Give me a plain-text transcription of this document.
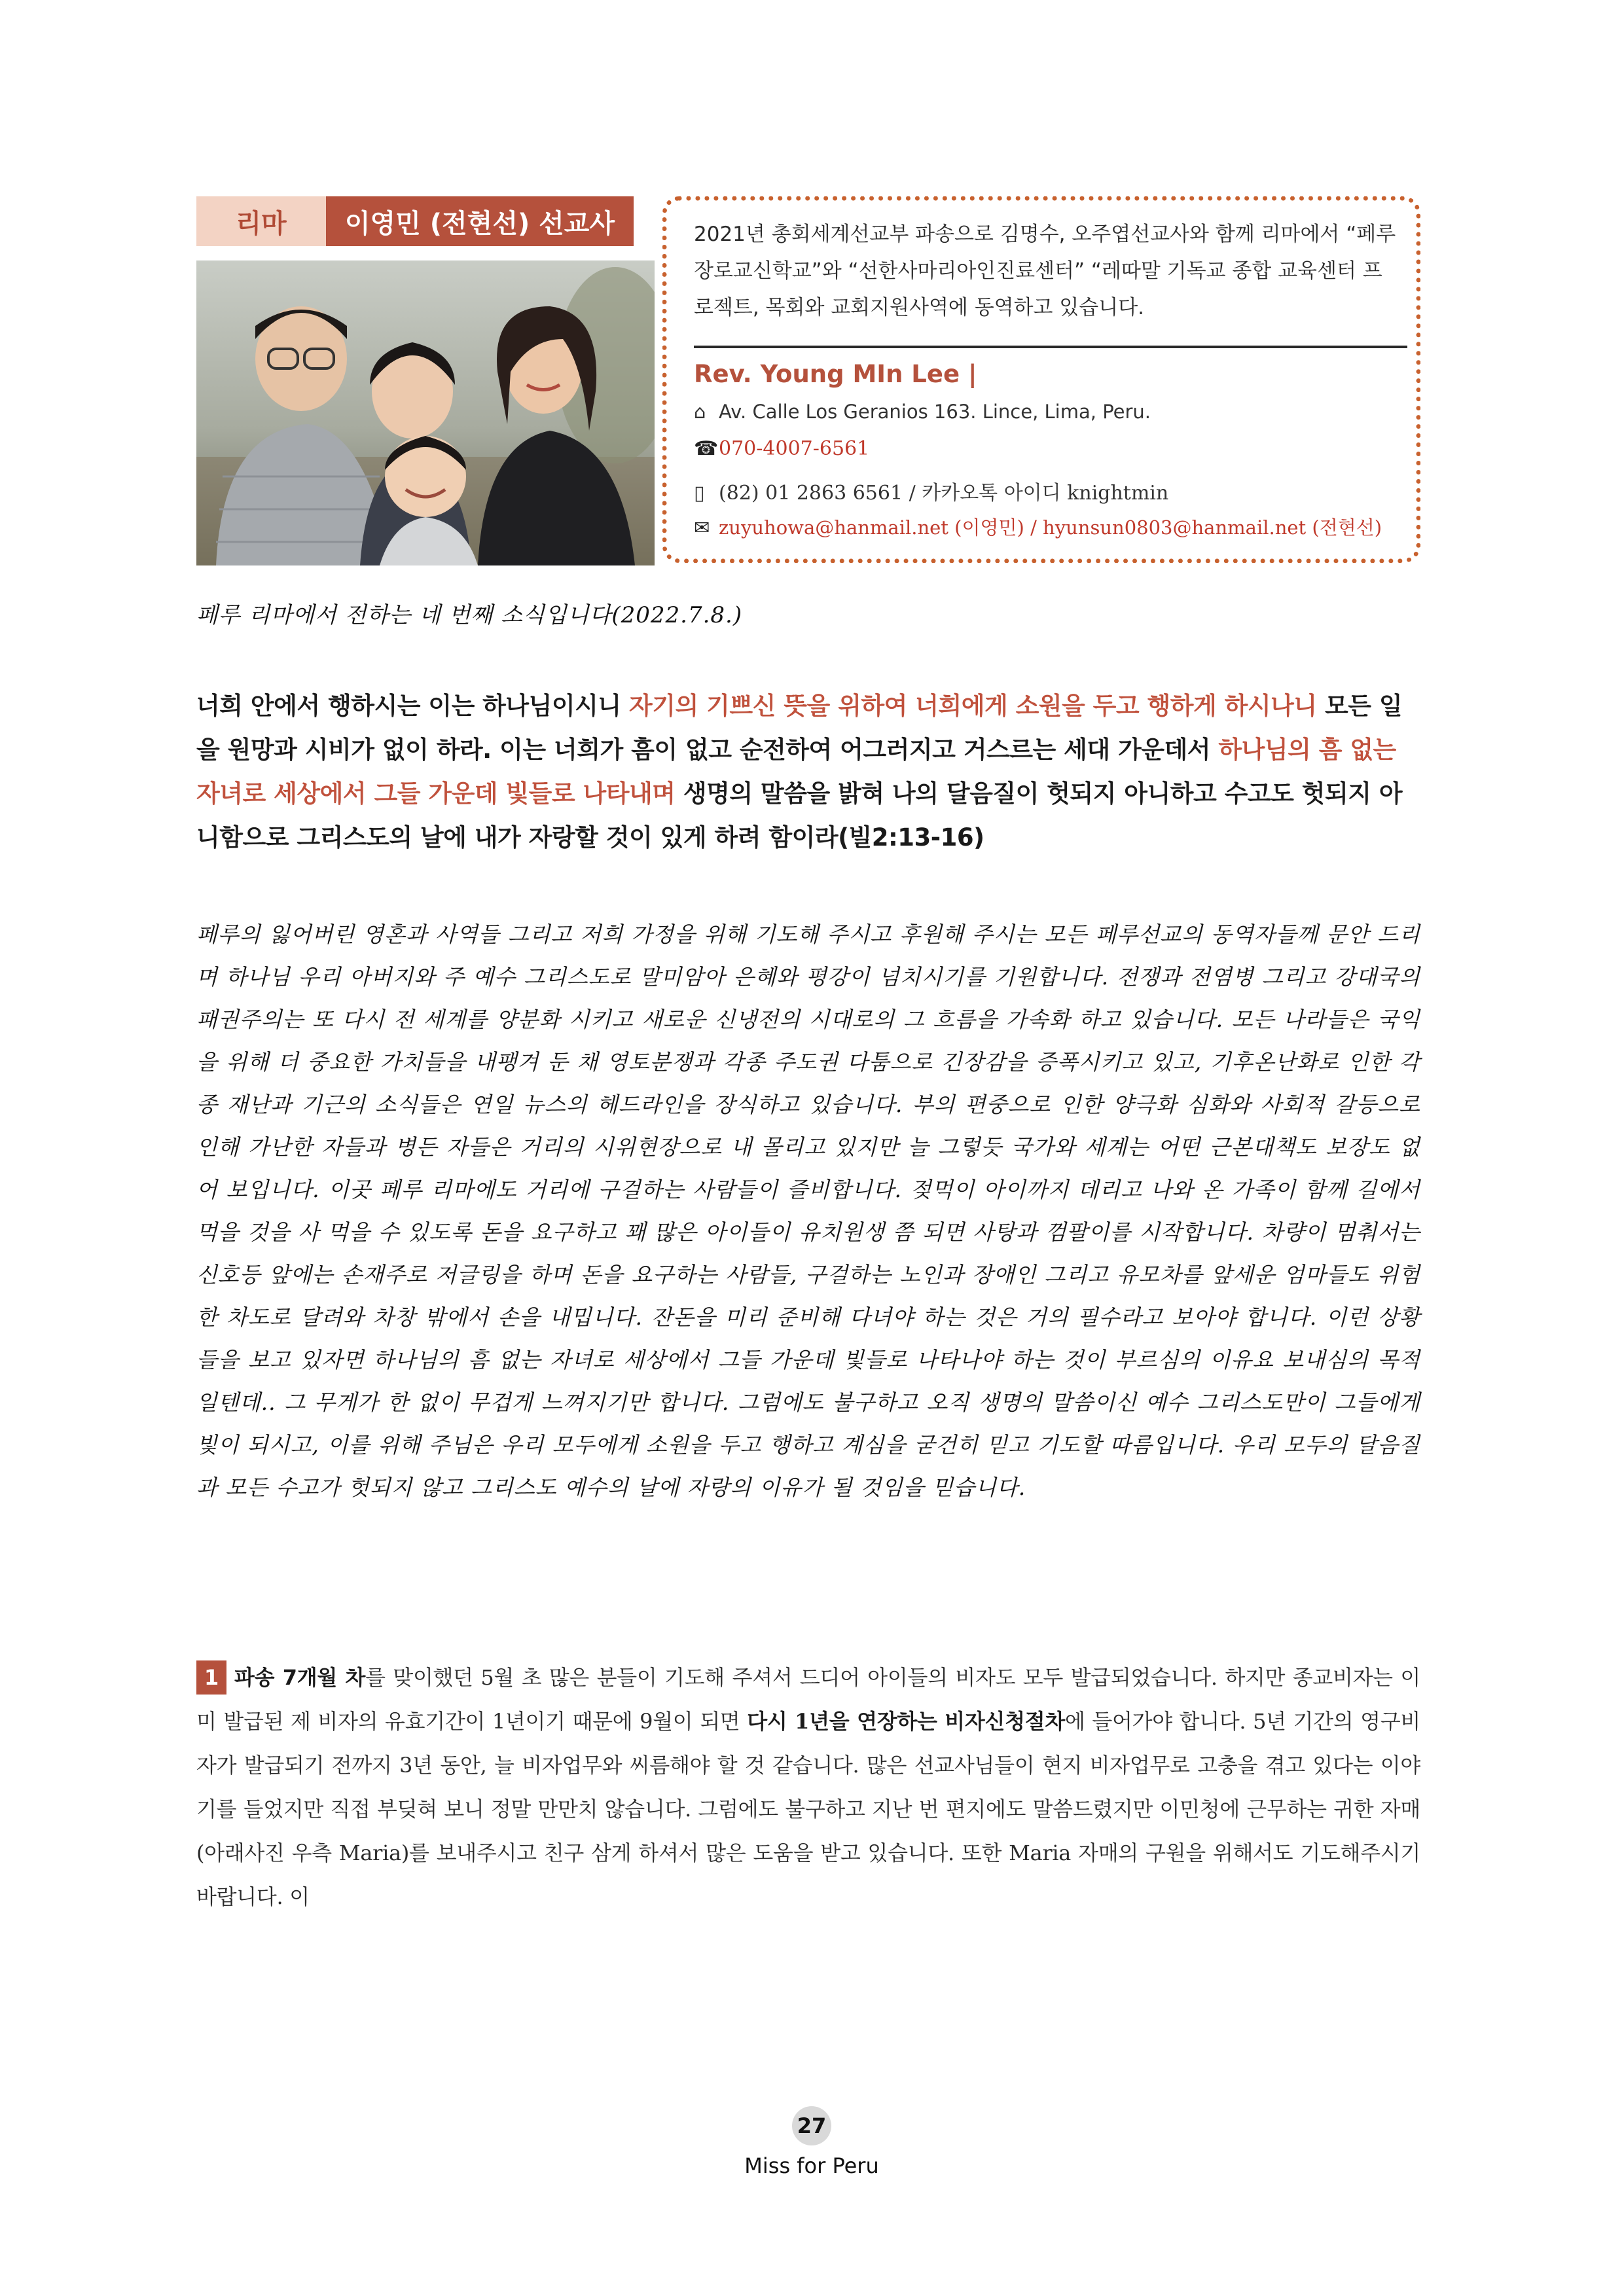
리마	이영민 (전현선) 선교사	2021년 총회세계선교부 파송으로 김명수, 오주엽선교사와 함께 리마에서 “페루장로교신학교”와 “선한사마리아인진료센터” “레따말 기독교 종합 교육센터 프로젝트, 목회와 교회지원사역에 동역하고 있습니다.
Rev. Young MIn Lee |
⌂ Av. Calle Los Geranios 163. Lince, Lima, Peru.
☎070-4007-6561
▯ (82) 01 2863 6561 / 카카오톡 아이디 knightmin
✉ zuyuhowa@hanmail.net (이영민) / hyunsun0803@hanmail.net (전현선)
페루 리마에서 전하는 네 번째 소식입니다(2022.7.8.)
너희 안에서 행하시는 이는 하나님이시니 자기의 기쁘신 뜻을 위하여 너희에게 소원을 두고 행하게 하시나니 모든 일을 원망과 시비가 없이 하라. 이는 너희가 흠이 없고 순전하여 어그러지고 거스르는 세대 가운데서 하나님의 흠 없는 자녀로 세상에서 그들 가운데 빛들로 나타내며 생명의 말씀을 밝혀 나의 달음질이 헛되지 아니하고 수고도 헛되지 아니함으로 그리스도의 날에 내가 자랑할 것이 있게 하려 함이라(빌2:13-16)
페루의 잃어버린 영혼과 사역들 그리고 저희 가정을 위해 기도해 주시고 후원해 주시는 모든 페루선교의 동역자들께 문안 드리며 하나님 우리 아버지와 주 예수 그리스도로 말미암아 은혜와 평강이 넘치시기를 기원합니다. 전쟁과 전염병 그리고 강대국의 패권주의는 또 다시 전 세계를 양분화 시키고 새로운 신냉전의 시대로의 그 흐름을 가속화 하고 있습니다. 모든 나라들은 국익을 위해 더 중요한 가치들을 내팽겨 둔 채 영토분쟁과 각종 주도권 다툼으로 긴장감을 증폭시키고 있고, 기후온난화로 인한 각종 재난과 기근의 소식들은 연일 뉴스의 헤드라인을 장식하고 있습니다. 부의 편중으로 인한 양극화 심화와 사회적 갈등으로 인해 가난한 자들과 병든 자들은 거리의 시위현장으로 내 몰리고 있지만 늘 그렇듯 국가와 세계는 어떤 근본대책도 보장도 없어 보입니다. 이곳 페루 리마에도 거리에 구걸하는 사람들이 즐비합니다. 젖먹이 아이까지 데리고 나와 온 가족이 함께 길에서 먹을 것을 사 먹을 수 있도록 돈을 요구하고 꽤 많은 아이들이 유치원생 쯤 되면 사탕과 껌팔이를 시작합니다. 차량이 멈춰서는 신호등 앞에는 손재주로 저글링을 하며 돈을 요구하는 사람들, 구걸하는 노인과 장애인 그리고 유모차를 앞세운 엄마들도 위험한 차도로 달려와 차창 밖에서 손을 내밉니다. 잔돈을 미리 준비해 다녀야 하는 것은 거의 필수라고 보아야 합니다. 이런 상황들을 보고 있자면 하나님의 흠 없는 자녀로 세상에서 그들 가운데 빛들로 나타나야 하는 것이 부르심의 이유요 보내심의 목적일텐데.. 그 무게가 한 없이 무겁게 느껴지기만 합니다. 그럼에도 불구하고 오직 생명의 말씀이신 예수 그리스도만이 그들에게 빛이 되시고, 이를 위해 주님은 우리 모두에게 소원을 두고 행하고 계심을 굳건히 믿고 기도할 따름입니다. 우리 모두의 달음질과 모든 수고가 헛되지 않고 그리스도 예수의 날에 자랑의 이유가 될 것임을 믿습니다.
1 파송 7개월 차를 맞이했던 5월 초 많은 분들이 기도해 주셔서 드디어 아이들의 비자도 모두 발급되었습니다. 하지만 종교비자는 이미 발급된 제 비자의 유효기간이 1년이기 때문에 9월이 되면 다시 1년을 연장하는 비자신청절차에 들어가야 합니다. 5년 기간의 영구비자가 발급되기 전까지 3년 동안, 늘 비자업무와 씨름해야 할 것 같습니다. 많은 선교사님들이 현지 비자업무로 고충을 겪고 있다는 이야기를 들었지만 직접 부딪혀 보니 정말 만만치 않습니다. 그럼에도 불구하고 지난 번 편지에도 말씀드렸지만 이민청에 근무하는 귀한 자매(아래사진 우측 Maria)를 보내주시고 친구 삼게 하셔서 많은 도움을 받고 있습니다. 또한 Maria 자매의 구원을 위해서도 기도해주시기 바랍니다. 이
27
Miss for Peru
